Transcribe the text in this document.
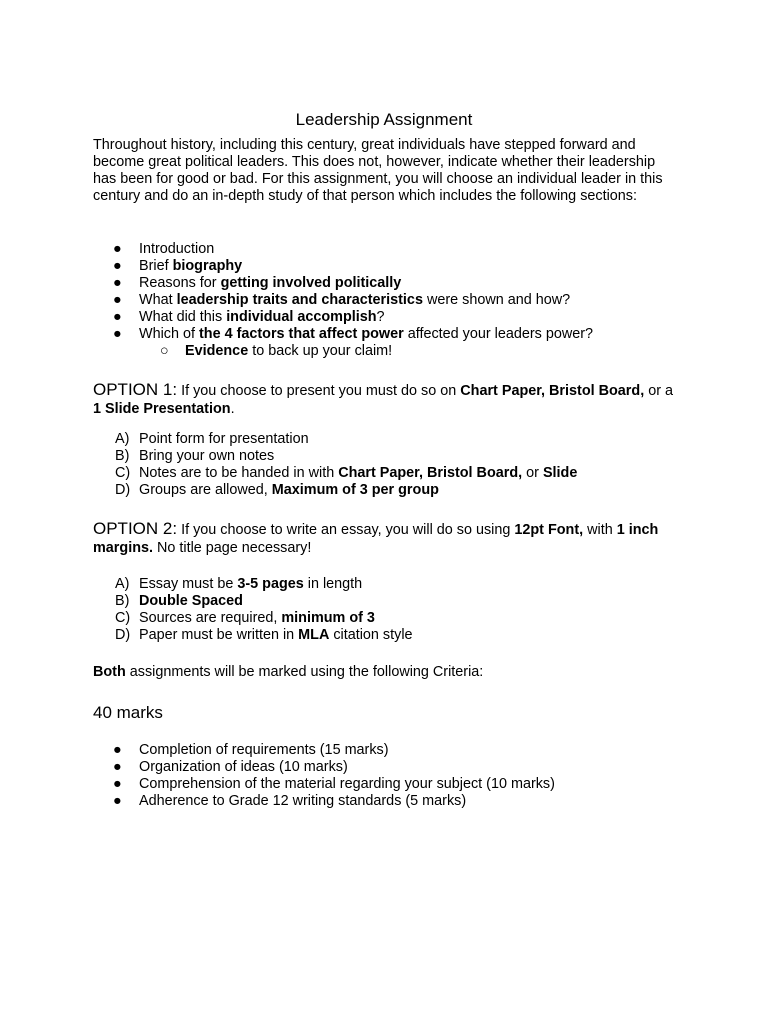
Leadership Assignment

Throughout history, including this century, great individuals have stepped forward and become great political leaders. This does not, however, indicate whether their leadership has been for good or bad. For this assignment, you will choose an individual leader in this century and do an in-depth study of that person which includes the following sections:

● Introduction
● Brief biography
● Reasons for getting involved politically
● What leadership traits and characteristics were shown and how?
● What did this individual accomplish?
● Which of the 4 factors that affect power affected your leaders power?
○ Evidence to back up your claim!

OPTION 1: If you choose to present you must do so on Chart Paper, Bristol Board, or a 1 Slide Presentation.

A) Point form for presentation
B) Bring your own notes
C) Notes are to be handed in with Chart Paper, Bristol Board, or Slide
D) Groups are allowed, Maximum of 3 per group

OPTION 2: If you choose to write an essay, you will do so using 12pt Font, with 1 inch margins. No title page necessary!

A) Essay must be 3-5 pages in length
B) Double Spaced
C) Sources are required, minimum of 3
D) Paper must be written in MLA citation style

Both assignments will be marked using the following Criteria:

40 marks
● Completion of requirements (15 marks)
● Organization of ideas (10 marks)
● Comprehension of the material regarding your subject (10 marks)
● Adherence to Grade 12 writing standards (5 marks)
